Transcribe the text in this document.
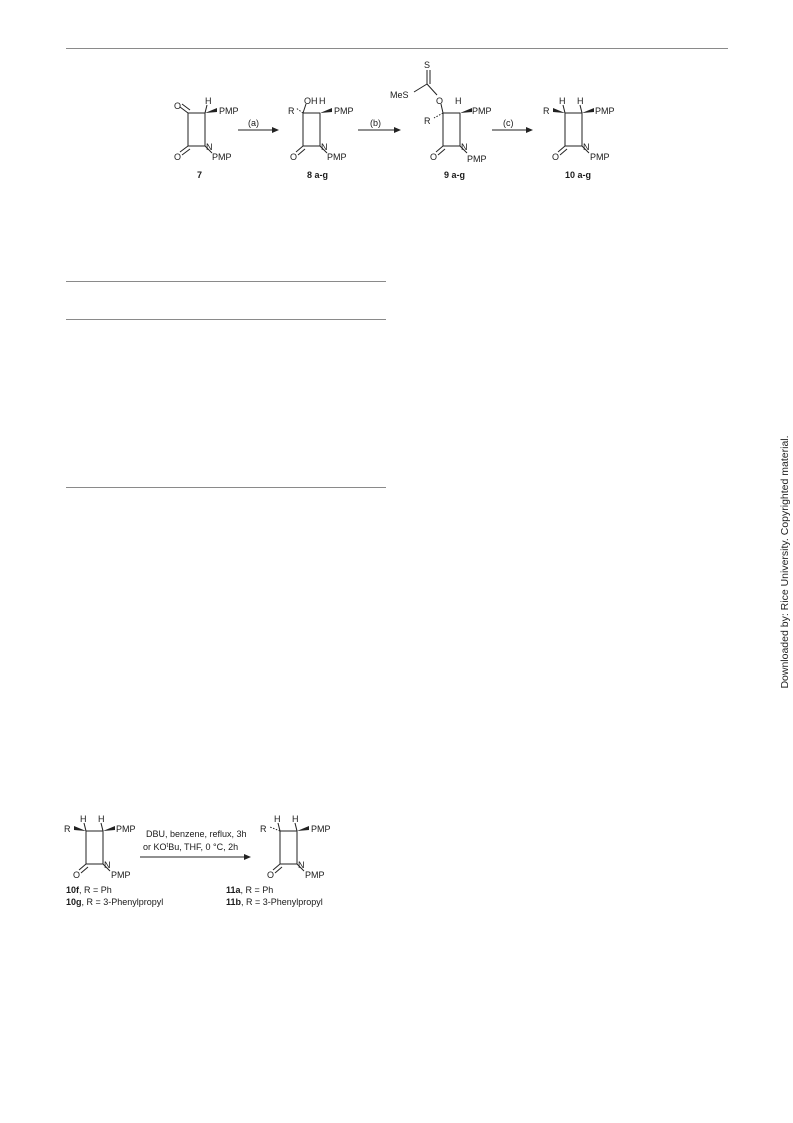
O
O
H
PMP
N
PMP
7
(a)
R
OH H
PMP
O
N
PMP
8 a-g
(b)
S
MeS
O
R
H
PMP
O
N
PMP
9 a-g
(c)
R
H H
PMP
O
N
PMP
10 a-g
R
H H
PMP
O
N
PMP
DBU, benzene, reflux, 3h
or $KO^tBu$, THF, 0 °C, 2h
R
H H
PMP
O
N
PMP
10f, R = Ph
10g, R = 3-Phenylpropyl
11a, R = Ph
11b, R = 3-Phenylpropyl
Downloaded by: Rice University. Copyrighted material.
